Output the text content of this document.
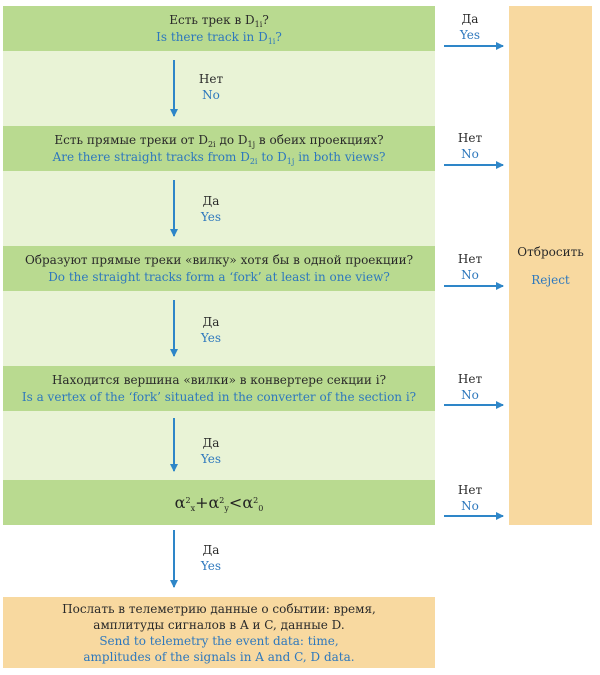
Есть трек в $D_{1i}$?
Is there track in $D_{1i}$?
Есть прямые треки от $D_{2i}$ до $D_{1j}$ в обеих проекциях?
Are there straight tracks from $D_{2i}$ to $D_{1j}$ in both views?
Образуют прямые треки «вилку» хотя бы в одной проекции?
Do the straight tracks form a ‘fork’ at least in one view?
Находится вершина «вилки» в конвертере секции i?
Is a vertex of the ‘fork’ situated in the converter of the section i?
$\alpha^2_x+\alpha^2_y<\alpha^2_0$
Отбросить
Reject
Послать в телеметрию данные о событии: время,
амплитуды сигналов в A и C, данные D.
Send to telemetry the event data: time,
amplitudes of the signals in A and C, D data.
Да
Yes
Нет
No
Нет
No
Нет
No
Нет
No
Нет
No
Да
Yes
Да
Yes
Да
Yes
Да
Yes
